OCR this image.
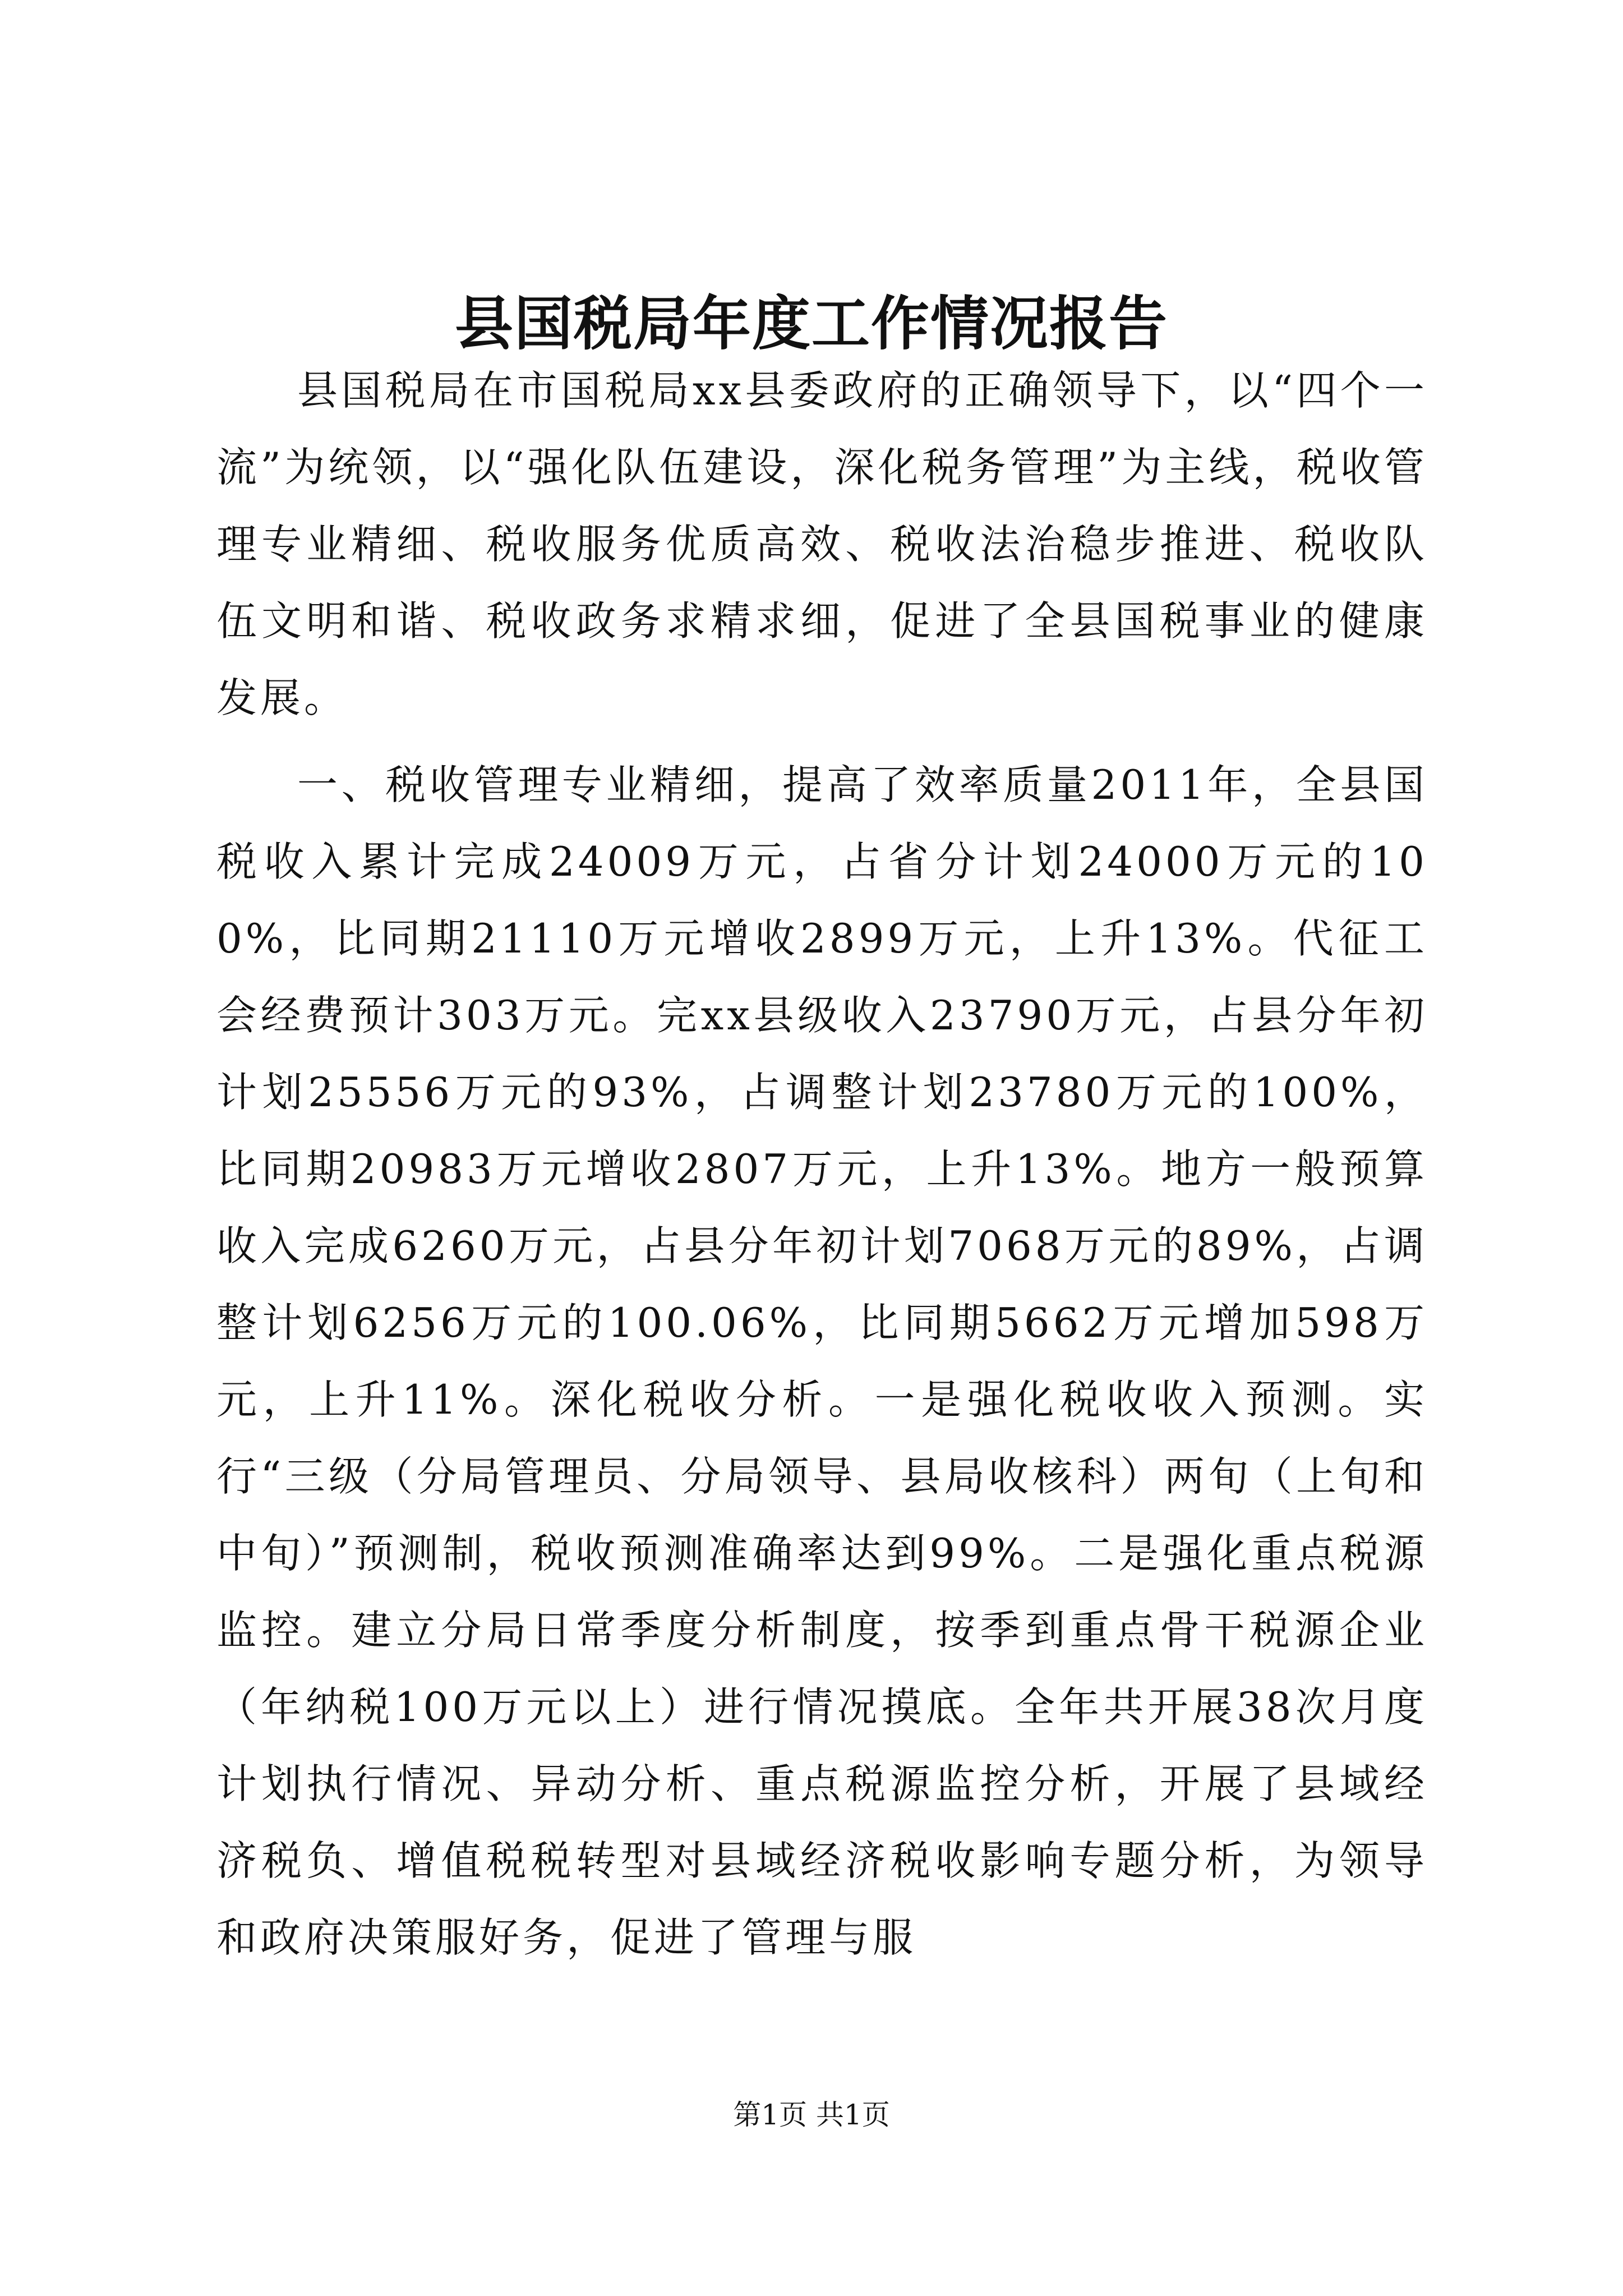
县国税局年度工作情况报告

县国税局在市国税局xx县委政府的正确领导下，以“四个一流”为统领，以“强化队伍建设，深化税务管理”为主线，税收管理专业精细、税收服务优质高效、税收法治稳步推进、税收队伍文明和谐、税收政务求精求细，促进了全县国税事业的健康发展。

一、税收管理专业精细，提高了效率质量2011年，全县国税收入累计完成24009万元，占省分计划24000万元的100%，比同期21110万元增收2899万元，上升13%。代征工会经费预计303万元。完xx县级收入23790万元，占县分年初计划25556万元的93%，占调整计划23780万元的100%，比同期20983万元增收2807万元，上升13%。地方一般预算收入完成6260万元，占县分年初计划7068万元的89%，占调整计划6256万元的100.06%，比同期5662万元增加598万元，上升11%。深化税收分析。一是强化税收收入预测。实行“三级（分局管理员、分局领导、县局收核科）两旬（上旬和中旬）”预测制，税收预测准确率达到99%。二是强化重点税源监控。建立分局日常季度分析制度，按季到重点骨干税源企业（年纳税100万元以上）进行情况摸底。全年共开展38次月度计划执行情况、异动分析、重点税源监控分析，开展了县域经济税负、增值税税转型对县域经济税收影响专题分析，为领导和政府决策服好务，促进了管理与服

第1页 共1页
